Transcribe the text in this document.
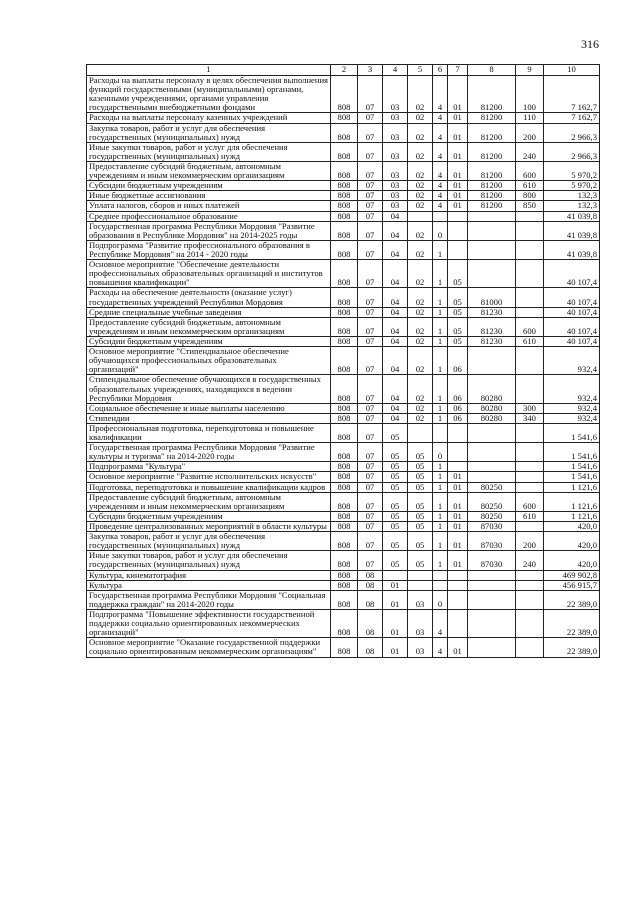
316
1	2	3	4	5	6	7	8	9	10
Расходы на выплаты персоналу в целях обеспечения выполнения функций государственными (муниципальными) органами, казенными учреждениями, органами управления государственными внебюджетными фондами	808	07	03	02	4	01	81200	100	7 162,7
Расходы на выплаты персоналу казенных учреждений	808	07	03	02	4	01	81200	110	7 162,7
Закупка товаров, работ и услуг для обеспечения государственных (муниципальных) нужд	808	07	03	02	4	01	81200	200	2 966,3
Иные закупки товаров, работ и услуг для обеспечения государственных (муниципальных) нужд	808	07	03	02	4	01	81200	240	2 966,3
Предоставление субсидий бюджетным, автономным учреждениям и иным некоммерческим организациям	808	07	03	02	4	01	81200	600	5 970,2
Субсидии бюджетным учреждениям	808	07	03	02	4	01	81200	610	5 970,2
Иные бюджетные ассигнования	808	07	03	02	4	01	81200	800	132,3
Уплата налогов, сборов и иных платежей	808	07	03	02	4	01	81200	850	132,3
Среднее профессиональное образование	808	07	04						41 039,8
Государственная программа Республики Мордовия "Развитие образования в Республике Мордовия" на 2014-2025 годы	808	07	04	02	0				41 039,8
Подпрограмма "Развитие профессионального образования в Республике Мордовия" на 2014 - 2020 годы	808	07	04	02	1				41 039,8
Основное мероприятие "Обеспечение деятельности профессиональных образовательных организаций и институтов повышения квалификации"	808	07	04	02	1	05			40 107,4
Расходы на обеспечение деятельности (оказание услуг) государственных учреждений Республики Мордовия	808	07	04	02	1	05	81000		40 107,4
Средние специальные учебные заведения	808	07	04	02	1	05	81230		40 107,4
Предоставление субсидий бюджетным, автономным учреждениям и иным некоммерческим организациям	808	07	04	02	1	05	81230	600	40 107,4
Субсидии бюджетным учреждениям	808	07	04	02	1	05	81230	610	40 107,4
Основное мероприятие "Стипендиальное обеспечение обучающихся профессиональных образовательных организаций"	808	07	04	02	1	06			932,4
Стипендиальное обеспечение обучающихся в государственных образовательных учреждениях, находящихся в ведении Республики Мордовия	808	07	04	02	1	06	80280		932,4
Социальное обеспечение и иные выплаты населению	808	07	04	02	1	06	80280	300	932,4
Стипендии	808	07	04	02	1	06	80280	340	932,4
Профессиональная подготовка, переподготовка и повышение квалификации	808	07	05						1 541,6
Государственная программа Республики Мордовия "Развитие культуры и туризма" на 2014-2020 годы	808	07	05	05	0				1 541,6
Подпрограмма "Культура"	808	07	05	05	1				1 541,6
Основное мероприятие "Развитие исполнительских искусств"	808	07	05	05	1	01			1 541,6
Подготовка, переподготовка и повышение квалификации кадров	808	07	05	05	1	01	80250		1 121,6
Предоставление субсидий бюджетным, автономным учреждениям и иным некоммерческим организациям	808	07	05	05	1	01	80250	600	1 121,6
Субсидии бюджетным учреждениям	808	07	05	05	1	01	80250	610	1 121,6
Проведение централизованных мероприятий в области культуры	808	07	05	05	1	01	87030		420,0
Закупка товаров, работ и услуг для обеспечения государственных (муниципальных) нужд	808	07	05	05	1	01	87030	200	420,0
Иные закупки товаров, работ и услуг для обеспечения государственных (муниципальных) нужд	808	07	05	05	1	01	87030	240	420,0
Культура, кинематография	808	08							469 902,8
Культура	808	08	01						456 915,7
Государственная программа Республики Мордовия "Социальная поддержка граждан" на 2014-2020 годы	808	08	01	03	0				22 389,0
Подпрограмма "Повышение эффективности государственной поддержки социально ориентированных некоммерческих организаций"	808	08	01	03	4				22 389,0
Основное мероприятие "Оказание государственной поддержки социально ориентированным некоммерческим организациям"	808	08	01	03	4	01			22 389,0
